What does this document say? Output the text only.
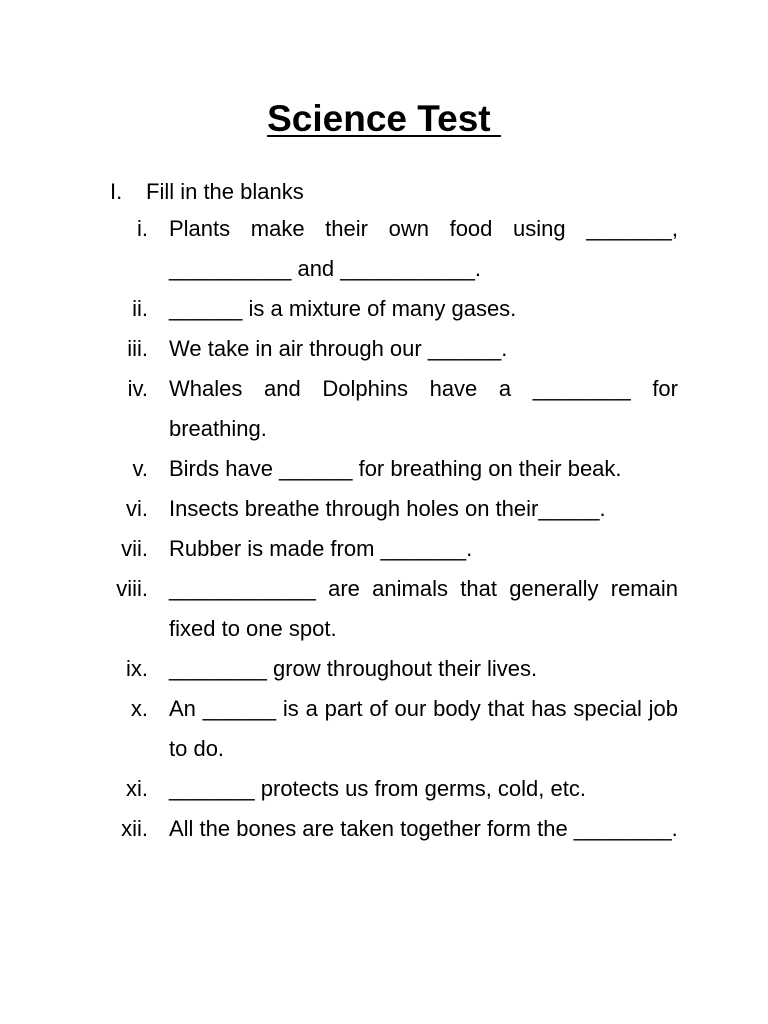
Science Test
I. Fill in the blanks
i. Plants make their own food using _______, __________ and ___________.
ii. ______ is a mixture of many gases.
iii. We take in air through our ______.
iv. Whales and Dolphins have a ________ for breathing.
v. Birds have ______ for breathing on their beak.
vi. Insects breathe through holes on their_____.
vii. Rubber is made from _______.
viii. ____________ are animals that generally remain fixed to one spot.
ix. ________ grow throughout their lives.
x. An ______ is a part of our body that has special job to do.
xi. _______ protects us from germs, cold, etc.
xii. All the bones are taken together form the ________.
